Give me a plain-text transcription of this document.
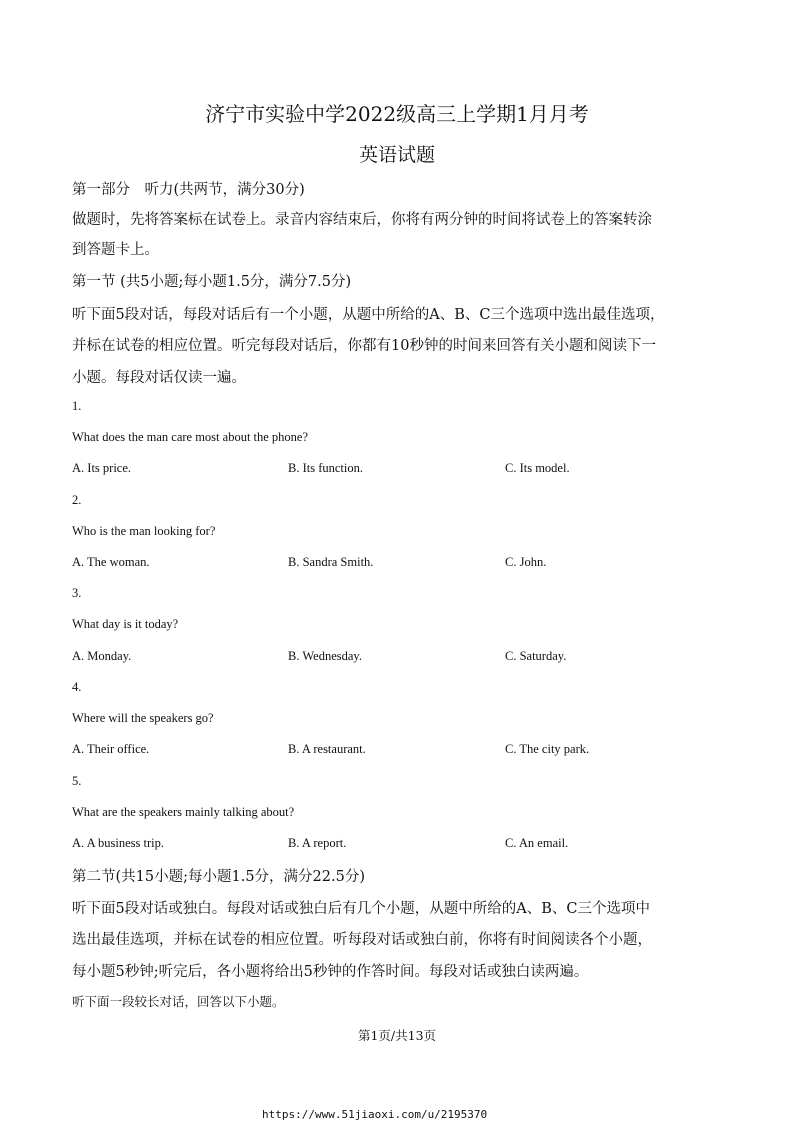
济宁市实验中学2022级高三上学期1月月考
英语试题
第一部分　听力(共两节，满分30分)
做题时，先将答案标在试卷上。录音内容结束后，你将有两分钟的时间将试卷上的答案转涂
到答题卡上。
第一节 (共5小题;每小题1.5分，满分7.5分)
听下面5段对话，每段对话后有一个小题，从题中所给的A、B、C三个选项中选出最佳选项，
并标在试卷的相应位置。听完每段对话后，你都有10秒钟的时间来回答有关小题和阅读下一
小题。每段对话仅读一遍。
1.
What does the man care most about the phone?
A. Its price.	B. Its function.	C. Its model.
2.
Who is the man looking for?
A. The woman.	B. Sandra Smith.	C. John.
3.
What day is it today?
A. Monday.	B. Wednesday.	C. Saturday.
4.
Where will the speakers go?
A. Their office.	B. A restaurant.	C. The city park.
5.
What are the speakers mainly talking about?
A. A business trip.	B. A report.	C. An email.
第二节(共15小题;每小题1.5分，满分22.5分)
听下面5段对话或独白。每段对话或独白后有几个小题，从题中所给的A、B、C三个选项中
选出最佳选项，并标在试卷的相应位置。听每段对话或独白前，你将有时间阅读各个小题，
每小题5秒钟;听完后，各小题将给出5秒钟的作答时间。每段对话或独白读两遍。
听下面一段较长对话，回答以下小题。
第1页/共13页
https://www.51jiaoxi.com/u/2195370
